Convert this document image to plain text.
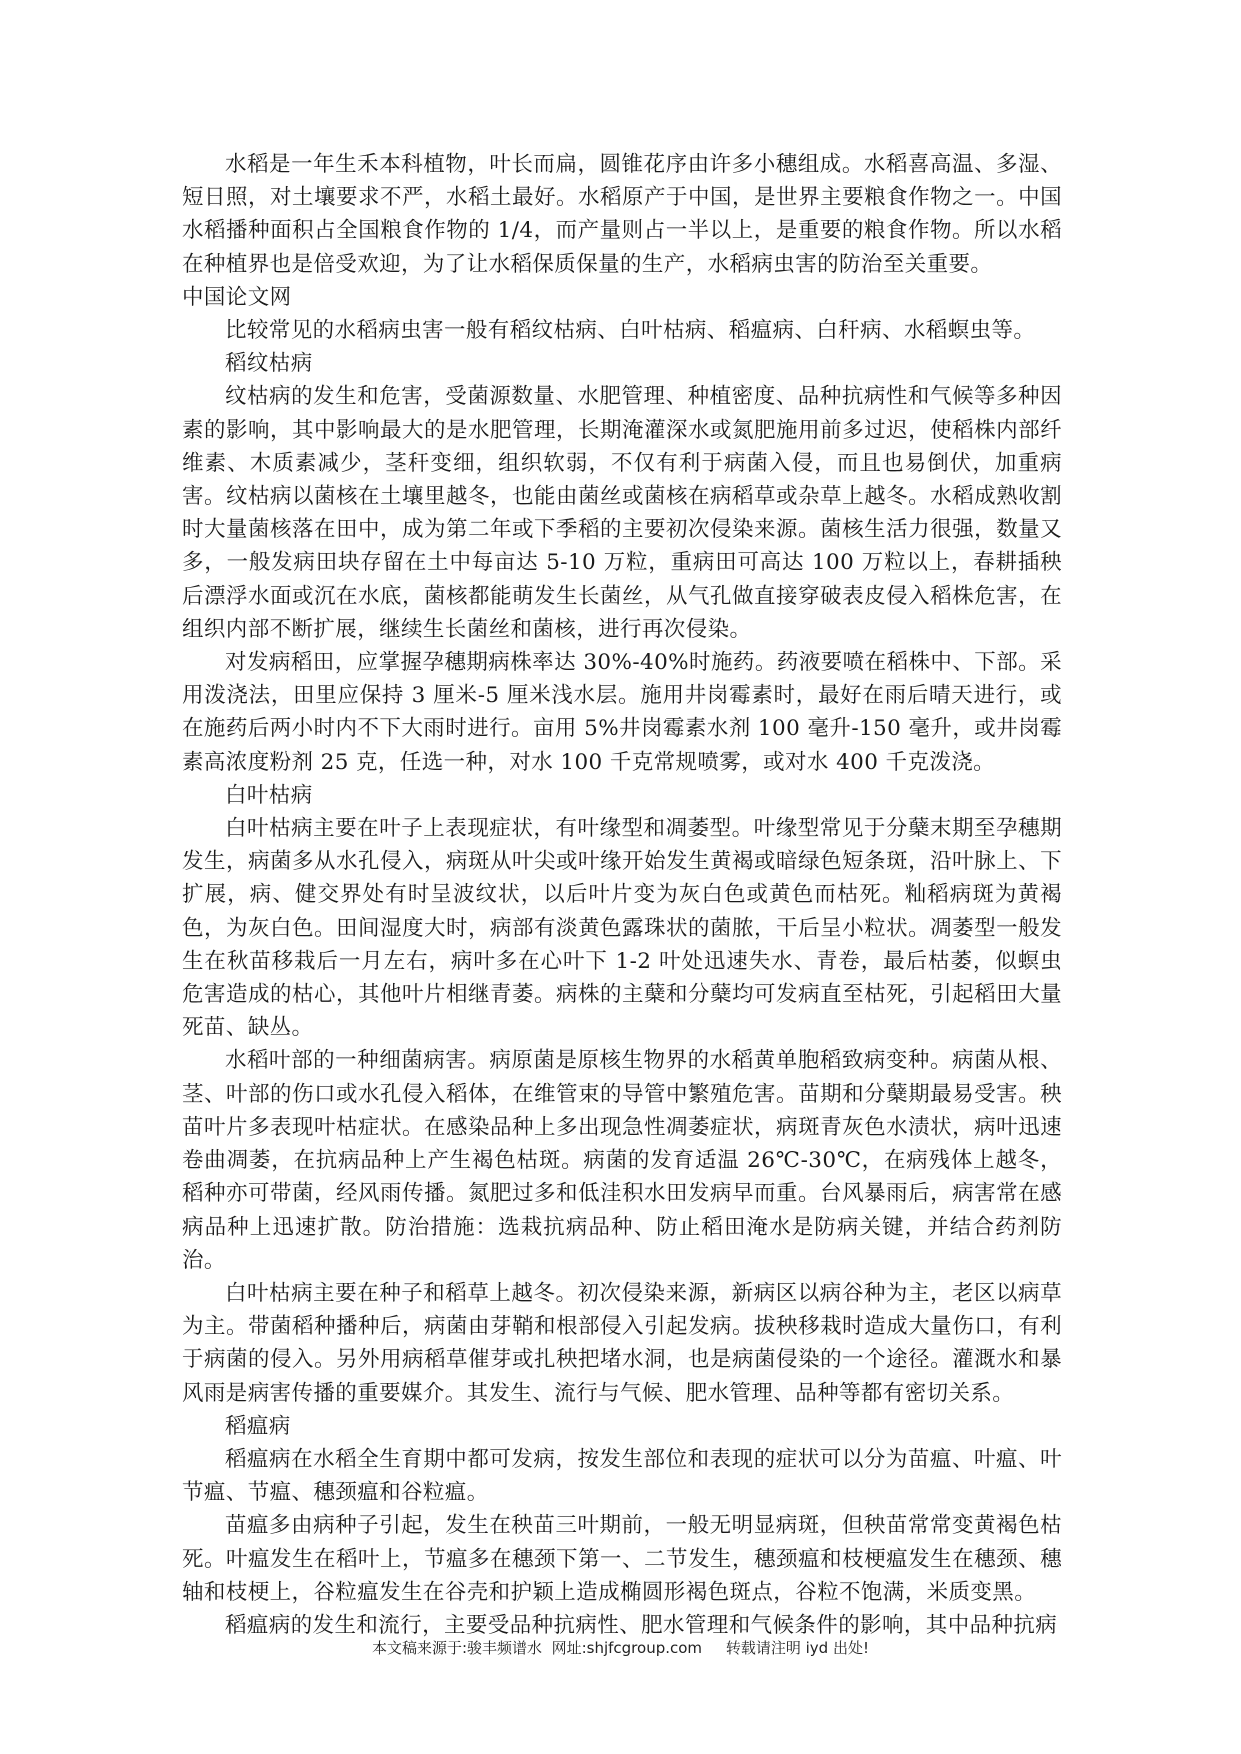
水稻是一年生禾本科植物，叶长而扁，圆锥花序由许多小穗组成。水稻喜高温、多湿、短日照，对土壤要求不严，水稻土最好。水稻原产于中国，是世界主要粮食作物之一。中国水稻播种面积占全国粮食作物的 1/4，而产量则占一半以上，是重要的粮食作物。所以水稻在种植界也是倍受欢迎，为了让水稻保质保量的生产，水稻病虫害的防治至关重要。

中国论文网

比较常见的水稻病虫害一般有稻纹枯病、白叶枯病、稻瘟病、白秆病、水稻螟虫等。

稻纹枯病

纹枯病的发生和危害，受菌源数量、水肥管理、种植密度、品种抗病性和气候等多种因素的影响，其中影响最大的是水肥管理，长期淹灌深水或氮肥施用前多过迟，使稻株内部纤维素、木质素减少，茎秆变细，组织软弱，不仅有利于病菌入侵，而且也易倒伏，加重病害。纹枯病以菌核在土壤里越冬，也能由菌丝或菌核在病稻草或杂草上越冬。水稻成熟收割时大量菌核落在田中，成为第二年或下季稻的主要初次侵染来源。菌核生活力很强，数量又多，一般发病田块存留在土中每亩达 5-10 万粒，重病田可高达 100 万粒以上，春耕插秧后漂浮水面或沉在水底，菌核都能萌发生长菌丝，从气孔做直接穿破表皮侵入稻株危害，在组织内部不断扩展，继续生长菌丝和菌核，进行再次侵染。

对发病稻田，应掌握孕穗期病株率达 30%-40%时施药。药液要喷在稻株中、下部。采用泼浇法，田里应保持 3 厘米-5 厘米浅水层。施用井岗霉素时，最好在雨后晴天进行，或在施药后两小时内不下大雨时进行。亩用 5%井岗霉素水剂 100 毫升-150 毫升，或井岗霉素高浓度粉剂 25 克，任选一种，对水 100 千克常规喷雾，或对水 400 千克泼浇。

白叶枯病

白叶枯病主要在叶子上表现症状，有叶缘型和凋萎型。叶缘型常见于分蘖末期至孕穗期发生，病菌多从水孔侵入，病斑从叶尖或叶缘开始发生黄褐或暗绿色短条斑，沿叶脉上、下扩展，病、健交界处有时呈波纹状，以后叶片变为灰白色或黄色而枯死。籼稻病斑为黄褐色，为灰白色。田间湿度大时，病部有淡黄色露珠状的菌脓，干后呈小粒状。凋萎型一般发生在秋苗移栽后一月左右，病叶多在心叶下 1-2 叶处迅速失水、青卷，最后枯萎，似螟虫危害造成的枯心，其他叶片相继青萎。病株的主蘖和分蘖均可发病直至枯死，引起稻田大量死苗、缺丛。

水稻叶部的一种细菌病害。病原菌是原核生物界的水稻黄单胞稻致病变种。病菌从根、茎、叶部的伤口或水孔侵入稻体，在维管束的导管中繁殖危害。苗期和分蘖期最易受害。秧苗叶片多表现叶枯症状。在感染品种上多出现急性凋萎症状，病斑青灰色水渍状，病叶迅速卷曲凋萎，在抗病品种上产生褐色枯斑。病菌的发育适温 26℃-30℃，在病残体上越冬，稻种亦可带菌，经风雨传播。氮肥过多和低洼积水田发病早而重。台风暴雨后，病害常在感病品种上迅速扩散。防治措施：选栽抗病品种、防止稻田淹水是防病关键，并结合药剂防治。

白叶枯病主要在种子和稻草上越冬。初次侵染来源，新病区以病谷种为主，老区以病草为主。带菌稻种播种后，病菌由芽鞘和根部侵入引起发病。拔秧移栽时造成大量伤口，有利于病菌的侵入。另外用病稻草催芽或扎秧把堵水洞，也是病菌侵染的一个途径。灌溉水和暴风雨是病害传播的重要媒介。其发生、流行与气候、肥水管理、品种等都有密切关系。

稻瘟病

稻瘟病在水稻全生育期中都可发病，按发生部位和表现的症状可以分为苗瘟、叶瘟、叶节瘟、节瘟、穗颈瘟和谷粒瘟。

苗瘟多由病种子引起，发生在秧苗三叶期前，一般无明显病斑，但秧苗常常变黄褐色枯死。叶瘟发生在稻叶上，节瘟多在穗颈下第一、二节发生，穗颈瘟和枝梗瘟发生在穗颈、穗轴和枝梗上，谷粒瘟发生在谷壳和护颖上造成椭圆形褐色斑点，谷粒不饱满，米质变黑。

稻瘟病的发生和流行，主要受品种抗病性、肥水管理和气候条件的影响，其中品种抗病

本文稿来源于:骏丰频谱水  网址:shjfcgroup.com     转载请注明 iyd 出处!
